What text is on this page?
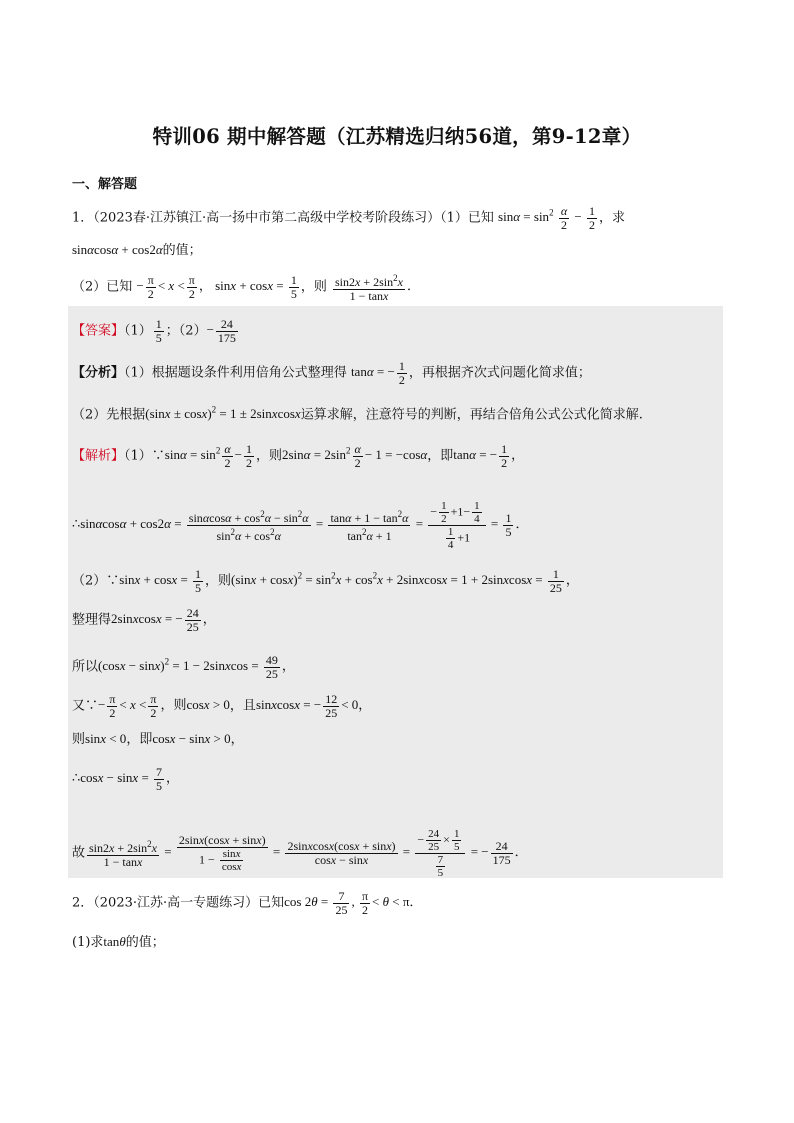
特训06 期中解答题（江苏精选归纳56道，第9-12章）
一、解答题
1．（2023春·江苏镇江·高一扬中市第二高级中学校考阶段练习）（1）已知 $\sin\alpha = \sin^2 \frac{\alpha}{2} - \frac{1}{2}$ ，求
sinαcosα + cos2α的值；
（2）已知 − $\frac{\pi}{2} < x < \frac{\pi}{2}$ ， $\sin x + \cos x = \frac{1}{5}$ ，则 $\frac{\sin 2x + 2\sin^2x}{1 - \tan x}$ ．
【答案】$(1) \frac{1}{5}$ ；$(2)- \frac{24}{175}$
【分析】（1）根据题设条件利用倍角公式整理得 tanα = − $\frac{1}{2}$ ，再根据齐次式问题化简求值；
（2）先根据$(\sin x \pm \cos x)^2 = 1$ ± 2sinxcosx运算求解，注意符号的判断，再结合倍角公式公式化简求解.
【解析】（1）∵sinα = $\sin^2 \frac{\alpha}{2} - \frac{1}{2}$ ，则$2\sin\alpha = 2\sin^2 \frac{\alpha}{2} - 1 = -\cos\alpha$，即tanα = − $\frac{1}{2}$ ，
∴sinαcosα + $\cos 2\alpha = \frac{\sin\alpha\cos\alpha + \cos^2\alpha - \sin^2\alpha}{\sin^2\alpha + \cos^2\alpha} = \frac{\tan\alpha + 1 - \tan^2\alpha}{\tan^2\alpha + 1} = \frac{- \frac{1}{2} +1- \frac{1}{4}}{\frac{1}{4} +1} = \frac{1}{5}$ ．
（2）∵sinx + $\cos x = \frac{1}{5}$ ，则$(\sin x + \cos x)^2 = \sin^2x + \cos^2x$ + 2sinxcosx = 1 + 2sinxcosx = $\frac{1}{25}$ ，
整理得2sinxcosx = − $\frac{24}{25}$ ，
所以$(\cos x - \sin x)^2 = 1$ − 2sinxcos = $\frac{49}{25}$ ，
又∵− $\frac{\pi}{2} < x < \frac{\pi}{2}$ ，则cosx > 0，且sinxcosx = − $\frac{12}{25} < 0$，
则sinx < 0，即cosx − sinx > 0，
∴cosx − $\sin x = \frac{7}{5}$ ，
故 $\frac{\sin 2x + 2\sin^2x}{1 - \tan x} = \frac{2\sin x(\cos x + \sin x)}{1 - \frac{\sin x}{\cos x}} = \frac{\text{2sinxcosx(cosx + sinx)}}{\cos x - \sin x} = \frac{- \frac{24}{25} \times \frac{1}{5}}{\frac{7}{5}}$ = − $\frac{24}{175}$ ．
2．（2023·江苏·高一专题练习）已知$\cos 2\theta = \frac{7}{25}$ , $\frac{\pi}{2} < \theta < \pi$．
(1)求tanθ的值；
